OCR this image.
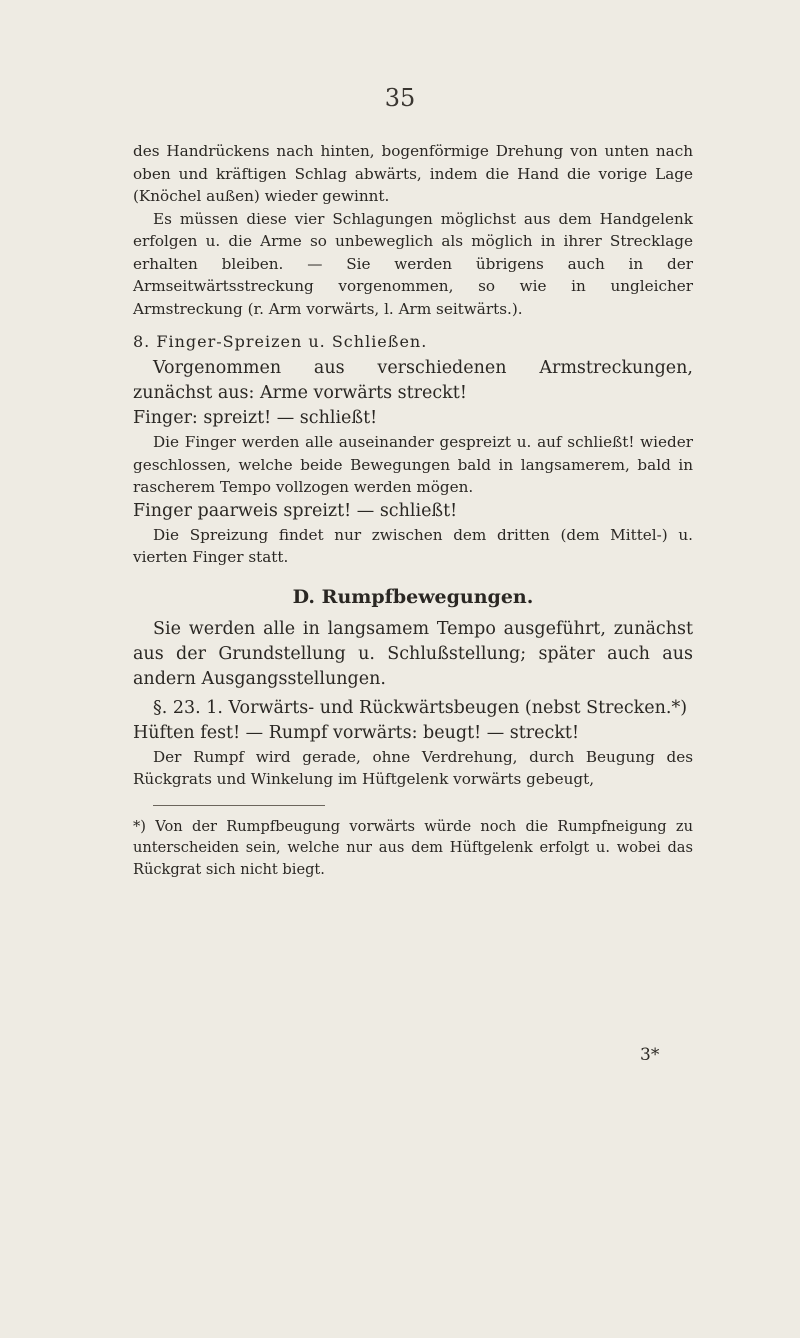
35

des Handrückens nach hinten, bogenförmige Drehung von unten nach oben und kräftigen Schlag abwärts, indem die Hand die vorige Lage (Knöchel außen) wieder gewinnt.

Es müssen diese vier Schlagungen möglichst aus dem Handgelenk erfolgen u. die Arme so unbeweglich als möglich in ihrer Strecklage erhalten bleiben. — Sie werden übrigens auch in der Armseitwärtsstreckung vorgenommen, so wie in ungleicher Armstreckung (r. Arm vorwärts, l. Arm seitwärts.).

8. Finger-Spreizen u. Schließen.

Vorgenommen aus verschiedenen Armstreckungen, zunächst aus: Arme vorwärts streckt!

Finger: spreizt! — schließt!

Die Finger werden alle auseinander gespreizt u. auf schließt! wieder geschlossen, welche beide Bewegungen bald in langsamerem, bald in rascherem Tempo vollzogen werden mögen.

Finger paarweis spreizt! — schließt!

Die Spreizung findet nur zwischen dem dritten (dem Mittel-) u. vierten Finger statt.

D. Rumpfbewegungen.

Sie werden alle in langsamem Tempo ausgeführt, zunächst aus der Grundstellung u. Schlußstellung; später auch aus andern Ausgangsstellungen.

§. 23. 1. Vorwärts- und Rückwärtsbeugen (nebst Strecken.*)

Hüften fest! — Rumpf vorwärts: beugt! — streckt!

Der Rumpf wird gerade, ohne Verdrehung, durch Beugung des Rückgrats und Winkelung im Hüftgelenk vorwärts gebeugt,

*) Von der Rumpfbeugung vorwärts würde noch die Rumpfneigung zu unterscheiden sein, welche nur aus dem Hüftgelenk erfolgt u. wobei das Rückgrat sich nicht biegt.

3*
